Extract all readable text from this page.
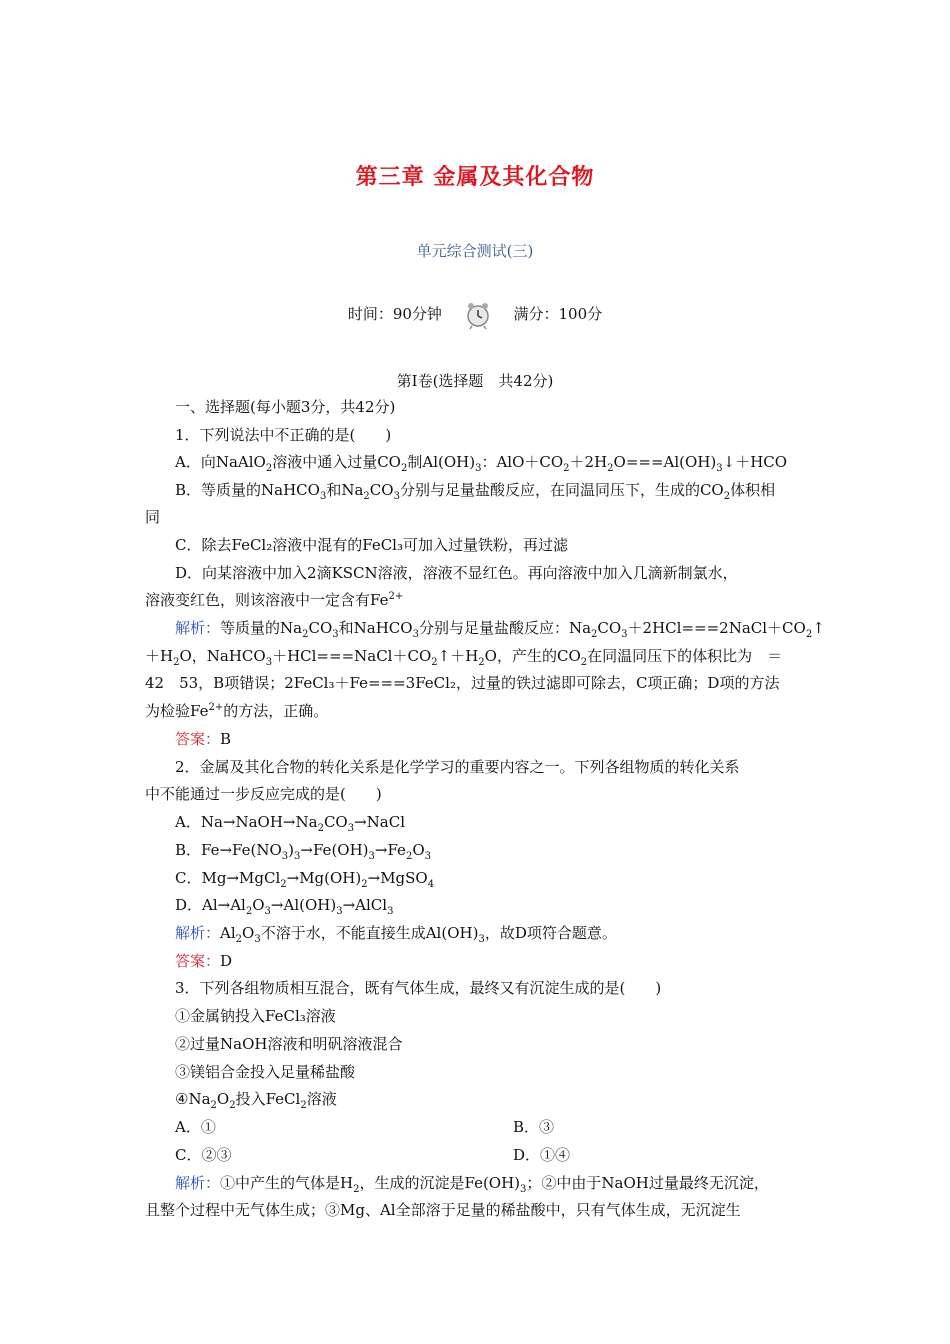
第三章 金属及其化合物
单元综合测试(三)
时间：90分钟	满分：100分
第Ⅰ卷(选择题　共42分)
一、选择题(每小题3分，共42分)
1．下列说法中不正确的是(　　)
A．向NaAlO$_2$溶液中通入过量$CO_2$制$Al(OH)_3$：$AlO+CO_2+2H_2O===Al(OH)_3↓+HCO$
B．等质量的NaHCO$_3$和$Na_2CO_3$分别与足量盐酸反应，在同温同压下，生成的$CO_2$体积相
同
C．除去FeCl₂溶液中混有的FeCl₃可加入过量铁粉，再过滤
D．向某溶液中加入2滴KSCN溶液，溶液不显红色。再向溶液中加入几滴新制氯水，
溶液变红色，则该溶液中一定含有$Fe^{2+}$
解析：等质量的$Na_2CO_3$和NaHCO$_3$分别与足量盐酸反应：$Na_2CO_3+2HCl===2NaCl+CO_2↑$
$+H_2O$，$NaHCO_3+HCl===NaCl+CO_2↑+H_2O$，产生的$CO_2$在同温同压下的体积比为　＝
42　53，B项错误；2FeCl₃＋Fe===3FeCl₂，过量的铁过滤即可除去，C项正确；D项的方法
为检验$Fe^{2+}$的方法，正确。
答案：B
2．金属及其化合物的转化关系是化学学习的重要内容之一。下列各组物质的转化关系
中不能通过一步反应完成的是(　　)
A．$Na\to NaOH\to Na_2CO_3\to NaCl$
B．$Fe\to Fe(NO_3)_3\to Fe(OH)_3\to Fe_2O_3$
C．$Mg\to MgCl_2\to Mg(OH)_2\to MgSO_4$
D．$Al\to Al_2O_3\to Al(OH)_3\to AlCl_3$
解析：$Al_2O_3$不溶于水，不能直接生成$Al(OH)_3$，故D项符合题意。
答案：D
3．下列各组物质相互混合，既有气体生成，最终又有沉淀生成的是(　　)
①金属钠投入FeCl₃溶液
②过量NaOH溶液和明矾溶液混合
③镁铝合金投入足量稀盐酸
$④Na_2O_2$投入FeCl$_2$溶液
A．①	B．③
C．②③	D．①④
解析：①中产生的气体是$H_2$，生成的沉淀是$Fe(OH)_3$；②中由于NaOH过量最终无沉淀，
且整个过程中无气体生成；③Mg、Al全部溶于足量的稀盐酸中，只有气体生成，无沉淀生
